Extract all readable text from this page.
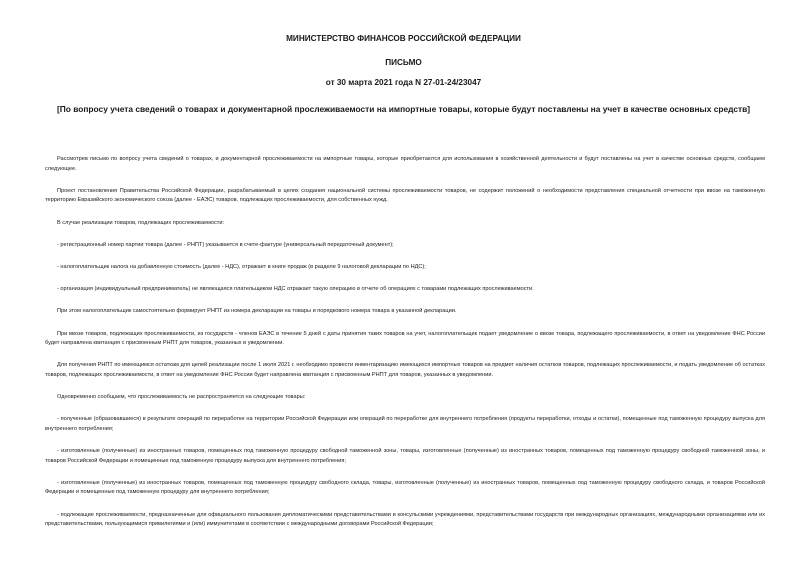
МИНИСТЕРСТВО ФИНАНСОВ РОССИЙСКОЙ ФЕДЕРАЦИИ
ПИСЬМО
от 30 марта 2021 года N 27-01-24/23047
[По вопросу учета сведений о товарах и документарной прослеживаемости на импортные товары, которые будут поставлены на учет в качестве основных средств]

Рассмотрев письмо по вопросу учета сведений о товарах, и документарной прослеживаемости на импортные товары, которые приобретаются для использования в хозяйственной деятельности и будут поставлены на учет в качестве основных средств, сообщаем следующее.

Проект постановления Правительства Российской Федерации, разрабатываемый в целях создания национальной системы прослеживаемости товаров, не содержит положений о необходимости представления специальной отчетности при ввозе на таможенную территорию Евразийского экономического союза (далее - ЕАЭС) товаров, подлежащих прослеживаемости, для собственных нужд.

В случае реализации товаров, подлежащих прослеживаемости:

- регистрационный номер партии товара (далее - РНПТ) указывается в счете-фактуре (универсальный передаточный документ);

- налогоплательщик налога на добавленную стоимость (далее - НДС), отражает в книге продаж (в разделе 9 налоговой декларации по НДС);

- организация (индивидуальный предприниматель) не являющаяся плательщиком НДС отражает такую операцию в отчете об операциях с товарами подлежащих прослеживаемости.

При этом налогоплательщик самостоятельно формирует РНПТ из номера декларации на товары и порядкового номера товара в указанной декларации.

При ввозе товаров, подлежащих прослеживаемости, из государств - членов ЕАЭС в течение 5 дней с даты принятия таких товаров на учет, налогоплательщик подает уведомление о ввозе товара, подлежащего прослеживаемости, в ответ на уведомление ФНС России будет направлена квитанция с присвоенным РНПТ для товаров, указанных в уведомлении.

Для получения РНПТ по имеющимся остаткам для целей реализации после 1 июля 2021 г. необходимо провести инвентаризацию имеющихся импортных товаров на предмет наличия остатков товаров, подлежащих прослеживаемости, и подать уведомление об остатках товаров, подлежащих прослеживаемости, в ответ на уведомление ФНС России будет направлена квитанция с присвоенным РНПТ для товаров, указанных в уведомлении.

Одновременно сообщаем, что прослеживаемость не распространяется на следующие товары:

- полученные (образовавшиеся) в результате операций по переработке на территории Российской Федерации или операций по переработке для внутреннего потребления (продукты переработки, отходы и остатки), помещенные под таможенную процедуру выпуска для внутреннего потребления;

- изготовленные (полученные) из иностранных товаров, помещенных под таможенную процедуру свободной таможенной зоны, товары, изготовленные (полученные) из иностранных товаров, помещенных под таможенную процедуру свободной таможенной зоны, и товаров Российской Федерации и помещенные под таможенную процедуру выпуска для внутреннего потребления;

- изготовленные (полученные) из иностранных товаров, помещенных под таможенную процедуру свободного склада, товары, изготовленные (полученные) из иностранных товаров, помещенных под таможенную процедуру свободного склада, и товаров Российской Федерации и помещенные под таможенную процедуру для внутреннего потребления;

- подлежащие прослеживаемости, предназначенные для официального пользования дипломатическими представительствами и консульскими учреждениями, представительствами государств при международных организациях, международными организациями или их представительствами, пользующимися привилегиями и (или) иммунитетами в соответствии с международными договорами Российской Федерации;
